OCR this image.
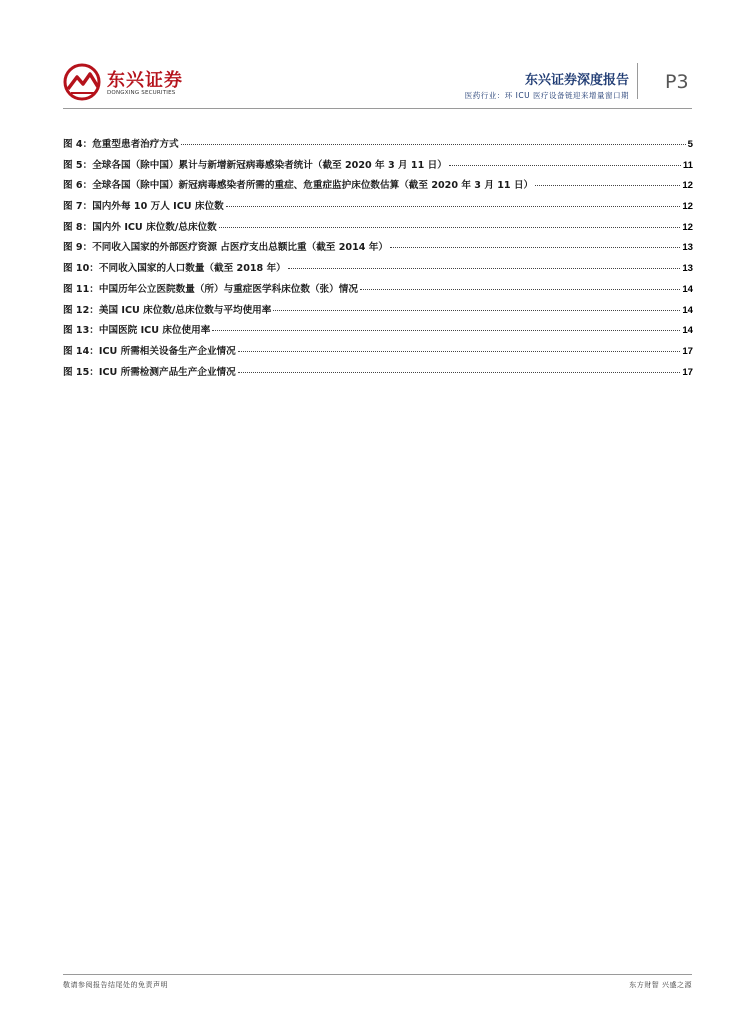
东兴证券
DONGXING SECURITIES
东兴证券深度报告
医药行业：环 ICU 医疗设备链迎来增量窗口期
P3
图 4：危重型患者治疗方式	5
图 5：全球各国（除中国）累计与新增新冠病毒感染者统计（截至 2020 年 3 月 11 日）	11
图 6：全球各国（除中国）新冠病毒感染者所需的重症、危重症监护床位数估算（截至 2020 年 3 月 11 日）	12
图 7：国内外每 10 万人 ICU 床位数	12
图 8：国内外 ICU 床位数/总床位数	12
图 9：不同收入国家的外部医疗资源 占医疗支出总额比重（截至 2014 年）	13
图 10：不同收入国家的人口数量（截至 2018 年）	13
图 11：中国历年公立医院数量（所）与重症医学科床位数（张）情况	14
图 12：美国 ICU 床位数/总床位数与平均使用率	14
图 13：中国医院 ICU 床位使用率	14
图 14：ICU 所需相关设备生产企业情况	17
图 15：ICU 所需检测产品生产企业情况	17
敬请参阅报告结尾处的免责声明	东方财智 兴盛之源
